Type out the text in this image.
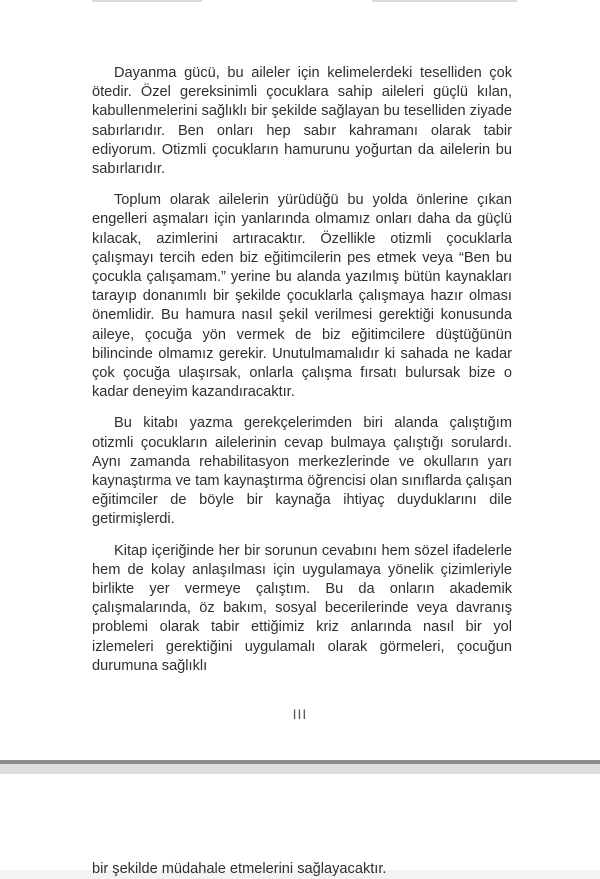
Dayanma gücü, bu aileler için kelimelerdeki teselliden çok ötedir. Özel gereksinimli çocuklara sahip aileleri güçlü kılan, kabullenmelerini sağlıklı bir şekilde sağlayan bu teselliden ziyade sabırlarıdır. Ben onları hep sabır kahramanı olarak tabir ediyorum. Otizmli çocukların hamurunu yoğurtan da ailelerin bu sabırlarıdır.

Toplum olarak ailelerin yürüdüğü bu yolda önlerine çıkan engelleri aşmaları için yanlarında olmamız onları daha da güçlü kılacak, azimlerini artıracaktır. Özellikle otizmli çocuklarla çalışmayı tercih eden biz eğitimcilerin pes etmek veya “Ben bu çocukla çalışamam.” yerine bu alanda yazılmış bütün kaynakları tarayıp donanımlı bir şekilde çocuklarla çalışmaya hazır olması önemlidir. Bu hamura nasıl şekil verilmesi gerektiği konusunda aileye, çocuğa yön vermek de biz eğitimcilere düştüğünün bilincinde olmamız gerekir. Unutulmamalıdır ki sahada ne kadar çok çocuğa ulaşırsak, onlarla çalışma fırsatı bulursak bize o kadar deneyim kazandıracaktır.

Bu kitabı yazma gerekçelerimden biri alanda çalıştığım otizmli çocukların ailelerinin cevap bulmaya çalıştığı sorulardı. Aynı zamanda rehabilitasyon merkezlerinde ve okulların yarı kaynaştırma ve tam kaynaştırma öğrencisi olan sınıflarda çalışan eğitimciler de böyle bir kaynağa ihtiyaç duyduklarını dile getirmişlerdi.

Kitap içeriğinde her bir sorunun cevabını hem sözel ifadelerle hem de kolay anlaşılması için uygulamaya yönelik çizimleriyle birlikte yer vermeye çalıştım. Bu da onların akademik çalışmalarında, öz bakım, sosyal becerilerinde veya davranış problemi olarak tabir ettiğimiz kriz anlarında nasıl bir yol izlemeleri gerektiğini uygulamalı olarak görmeleri, çocuğun durumuna sağlıklı

III
bir şekilde müdahale etmelerini sağlayacaktır.
